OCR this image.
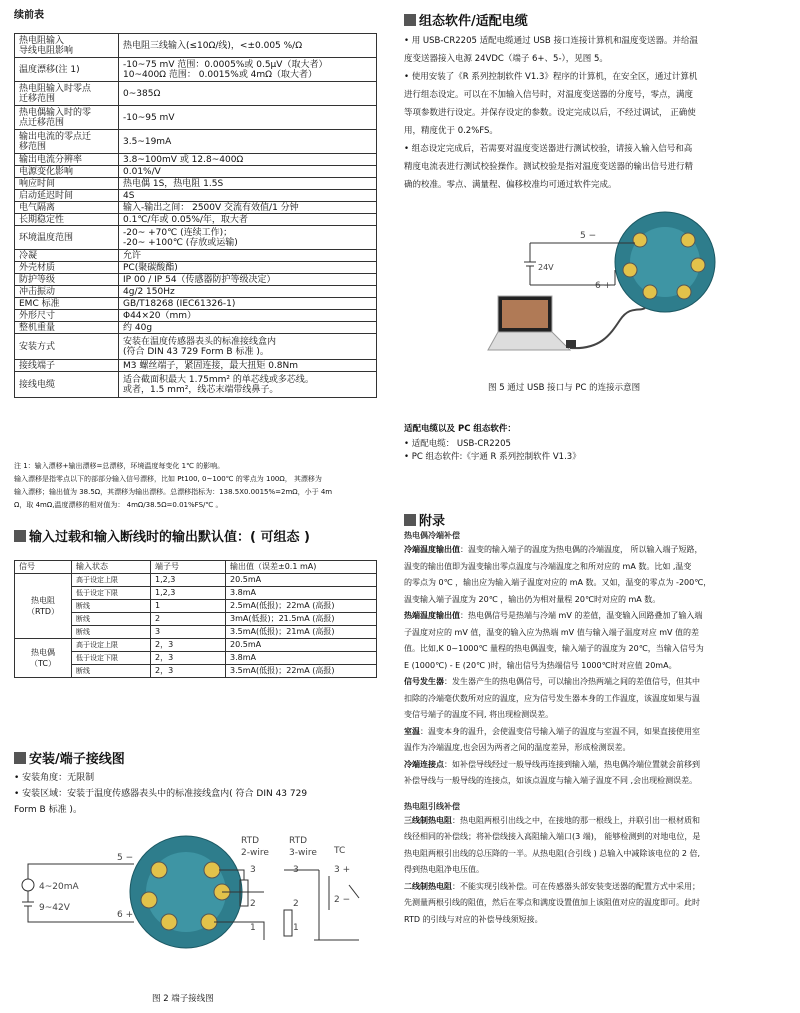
续前表
热电阻输入
导线电阻影响	热电阻三线输入(≤10Ω/线)，<±0.005 %/Ω
温度漂移(注 1)	-10~75 mV 范围：0.0005%或 0.5μV（取大者）
10~400Ω 范围： 0.0015%或 4mΩ（取大者）
热电阻输入时零点
迁移范围	0~385Ω
热电偶输入时的零
点迁移范围	-10~95 mV
输出电流的零点迁
移范围	3.5~19mA
输出电流分辨率	3.8~100mV 或 12.8~400Ω
电源变化影响	0.01%/V
响应时间	热电偶 1S，热电阻 1.5S
启动延迟时间	4S
电气隔离	输入-输出之间： 2500V 交流有效值/1 分钟
长期稳定性	0.1℃/年或 0.05%/年，取大者
环境温度范围	-20~ +70℃ (连续工作)；
-20~ +100℃ (存放或运输)
冷凝	允许
外壳材质	PC(聚碳酸酯)
防护等级	IP 00 / IP 54（传感器防护等级决定）
冲击振动	4g/2 150Hz
EMC 标准	GB/T18268 (IEC61326-1)
外形尺寸	Φ44×20（mm）
整机重量	约 40g
安装方式	安装在温度传感器表头的标准接线盒内
(符合 DIN 43 729 Form B 标准 )。
接线端子	M3 螺丝端子，紧固连接，最大扭矩 0.8Nm
接线电缆	适合截面积最大 1.75mm² 的单芯线或多芯线。
或者，1.5 mm²，线芯末端带线鼻子。
注 1：输入漂移+输出漂移=总漂移，环境温度每变化 1℃ 的影响。
输入漂移是指零点以下的部部分输入信号漂移，比如 Pt100, 0~100℃ 的零点为 100Ω， 其漂移为
输入漂移；输出值为 38.5Ω，其漂移为输出漂移。总漂移指标为：138.5X0.0015%=2mΩ，小于 4m
Ω，取 4mΩ,温度漂移的相对值为： 4mΩ/38.5Ω=0.01%FS/℃ 。
输入过载和输入断线时的输出默认值：( 可组态 )
信号	输入状态	端子号	输出值（误差±0.1 mA)
热电阻
（RTD）	高于设定上限	1,2,3	20.5mA
	低于设定下限	1,2,3	3.8mA
	断线	1	2.5mA(低报)；22mA (高报)
	断线	2	3mA(低报)；21.5mA (高报)
	断线	3	3.5mA(低报)；21mA (高报)
热电偶
（TC）	高于设定上限	2，3	20.5mA
	低于设定下限	2，3	3.8mA
	断线	2，3	3.5mA(低报)；22mA (高报)
安装/端子接线图
• 安装角度：无限制
• 安装区域：安装于温度传感器表头中的标准接线盒内( 符合 DIN 43 729
Form B 标准 )。
5 −
6 +
4~20mA
9~42V
RTD
2-wire
RTD
3-wire TC
3
2
1
3
2
1
3 +
2 −
图 2 端子接线图
组态软件/适配电缆
• 用 USB-CR2205 适配电缆通过 USB 接口连接计算机和温度变送器。并给温
度变送器接入电源 24VDC（端子 6+、5-），见图 5。
• 使用安装了《R 系列控制软件 V1.3》程序的计算机，在安全区，通过计算机
进行组态设定。可以在不加输入信号时，对温度变送器的分度号，零点，满度
等项参数进行设定。并保存设定的参数。设定完成以后，不经过调试， 正确使
用，精度优于 0.2%FS。
• 组态设定完成后，若需要对温度变送器进行测试校验，请接入输入信号和高
精度电流表进行测试校验操作。测试校验是指对温度变送器的输出信号进行精
确的校准。零点、满量程、偏移校准均可通过软件完成。
5 −
24V
6 +
图 5 通过 USB 接口与 PC 的连接示意图
适配电缆以及 PC 组态软件：
• 适配电缆： USB-CR2205
• PC 组态软件:《宇通 R 系列控制软件 V1.3》
附录
热电偶冷端补偿
冷端温度输出值：温变的输入端子的温度为热电偶的冷端温度， 所以输入端子短路，
温变的输出值即为温变输出零点温度与冷端温度之和所对应的 mA 数。比如 ,温变
的零点为 0℃ ，输出应为输入端子温度对应的 mA 数。又如，温变的零点为 -200℃，
温变输入端子温度为 20℃ ，输出仍为相对量程 20℃时对应的 mA 数。
热端温度输出值：热电偶信号是热端与冷端 mV 的差值，温变输入回路叠加了输入端
子温度对应的 mV 值，温变的输入应为热端 mV 值与输入端子温度对应 mV 值的差
值。比如,K 0~1000℃ 量程的热电偶温变，输入端子的温度为 20℃，当输入信号为
E (1000℃) - E (20℃ )时，输出信号为热端信号 1000℃时对应值 20mA。
信号发生器：发生器产生的热电偶信号，可以输出冷热两端之间的差值信号，但其中
扣除的冷端毫伏数所对应的温度，应为信号发生器本身的工作温度，该温度如果与温
变信号端子的温度不同, 将出现检测误差。
室温：温变本身的温升，会使温变信号输入端子的温度与室温不同，如果直接使用室
温作为冷端温度,也会因为两者之间的温度差异，形成检测误差。
冷端连接点：如补偿导线经过一般导线再连接到输入端，热电偶冷端位置就会前移到
补偿导线与一般导线的连接点，如该点温度与输入端子温度不同 ,会出现检测误差。
热电阻引线补偿
三线制热电阻：热电阻两根引出线之中，在接地的那一根线上，并联引出一根材质和
线径相同的补偿线；将补偿线接入高阻输入端口(3 端)， 能够检测到的对地电位，是
热电阻两根引出线的总压降的一半。从热电阻(合引线 ) 总输入中减除该电位的 2 倍,
得到热电阻净电压值。
二线制热电阻：不能实现引线补偿。可在传感器头部安装变送器的配置方式中采用；
先测量两根引线的阻值，然后在零点和满度设置值加上该阻值对应的温度即可。此时
RTD 的引线与对应的补偿导线须短接。
